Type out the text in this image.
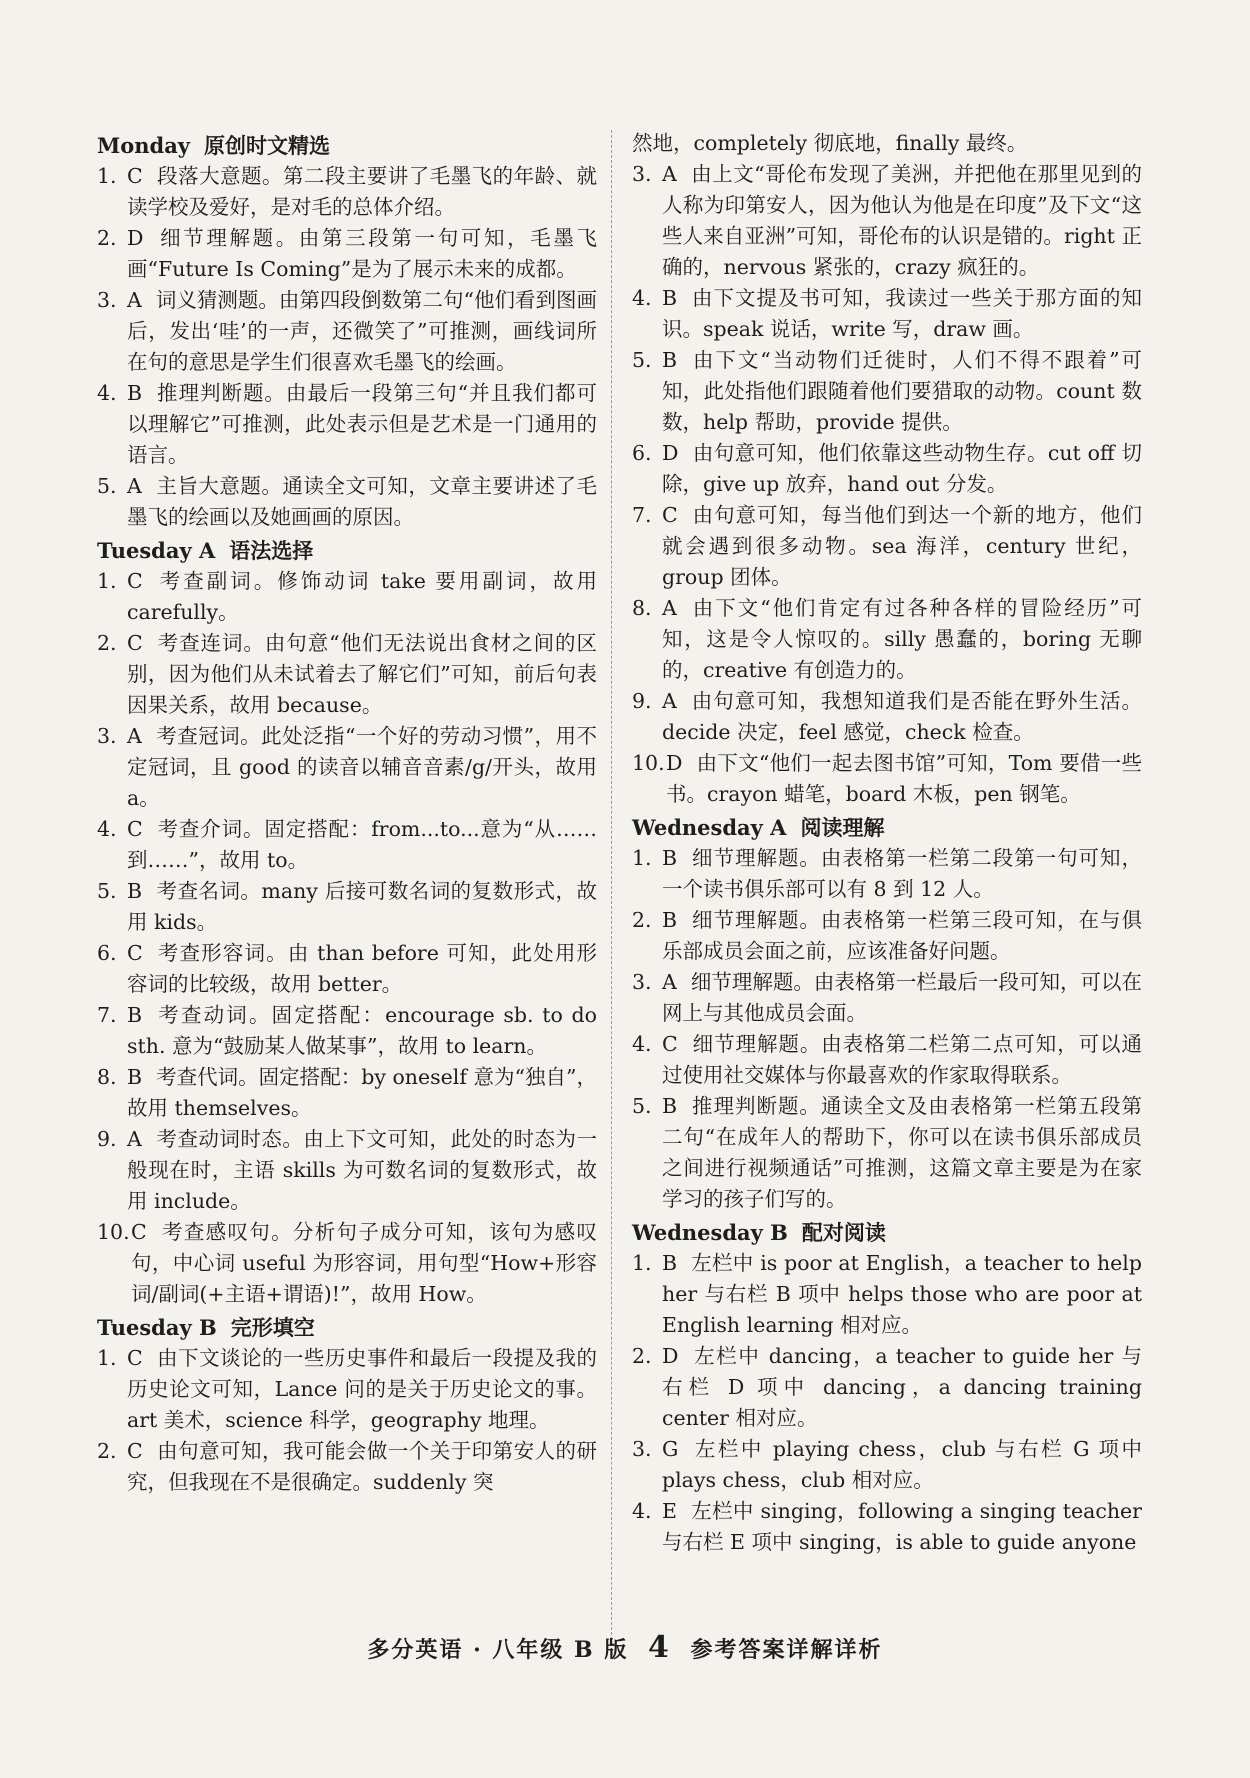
Monday 原创时文精选

1. C 段落大意题。第二段主要讲了毛墨飞的年龄、就读学校及爱好，是对毛的总体介绍。

2. D 细节理解题。由第三段第一句可知，毛墨飞画“Future Is Coming”是为了展示未来的成都。

3. A 词义猜测题。由第四段倒数第二句“他们看到图画后，发出‘哇’的一声，还微笑了”可推测，画线词所在句的意思是学生们很喜欢毛墨飞的绘画。

4. B 推理判断题。由最后一段第三句“并且我们都可以理解它”可推测，此处表示但是艺术是一门通用的语言。

5. A 主旨大意题。通读全文可知，文章主要讲述了毛墨飞的绘画以及她画画的原因。

Tuesday A 语法选择

1. C 考查副词。修饰动词 take 要用副词，故用 carefully。

2. C 考查连词。由句意“他们无法说出食材之间的区别，因为他们从未试着去了解它们”可知，前后句表因果关系，故用 because。

3. A 考查冠词。此处泛指“一个好的劳动习惯”，用不定冠词，且 good 的读音以辅音音素/g/开头，故用 a。

4. C 考查介词。固定搭配：from...to...意为“从……到……”，故用 to。

5. B 考查名词。many 后接可数名词的复数形式，故用 kids。

6. C 考查形容词。由 than before 可知，此处用形容词的比较级，故用 better。

7. B 考查动词。固定搭配：encourage sb. to do sth. 意为“鼓励某人做某事”，故用 to learn。

8. B 考查代词。固定搭配：by oneself 意为“独自”，故用 themselves。

9. A 考查动词时态。由上下文可知，此处的时态为一般现在时，主语 skills 为可数名词的复数形式，故用 include。

10. C 考查感叹句。分析句子成分可知，该句为感叹句，中心词 useful 为形容词，用句型“How+形容词/副词(+主语+谓语)!”，故用 How。

Tuesday B 完形填空

1. C 由下文谈论的一些历史事件和最后一段提及我的历史论文可知，Lance 问的是关于历史论文的事。art 美术，science 科学，geography 地理。

2. C 由句意可知，我可能会做一个关于印第安人的研究，但我现在不是很确定。suddenly 突

然地，completely 彻底地，finally 最终。

3. A 由上文“哥伦布发现了美洲，并把他在那里见到的人称为印第安人，因为他认为他是在印度”及下文“这些人来自亚洲”可知，哥伦布的认识是错的。right 正确的，nervous 紧张的，crazy 疯狂的。

4. B 由下文提及书可知，我读过一些关于那方面的知识。speak 说话，write 写，draw 画。

5. B 由下文“当动物们迁徙时，人们不得不跟着”可知，此处指他们跟随着他们要猎取的动物。count 数数，help 帮助，provide 提供。

6. D 由句意可知，他们依靠这些动物生存。cut off 切除，give up 放弃，hand out 分发。

7. C 由句意可知，每当他们到达一个新的地方，他们就会遇到很多动物。sea 海洋，century 世纪，group 团体。

8. A 由下文“他们肯定有过各种各样的冒险经历”可知，这是令人惊叹的。silly 愚蠢的，boring 无聊的，creative 有创造力的。

9. A 由句意可知，我想知道我们是否能在野外生活。decide 决定，feel 感觉，check 检查。

10. D 由下文“他们一起去图书馆”可知，Tom 要借一些书。crayon 蜡笔，board 木板，pen 钢笔。

Wednesday A 阅读理解

1. B 细节理解题。由表格第一栏第二段第一句可知，一个读书俱乐部可以有 8 到 12 人。

2. B 细节理解题。由表格第一栏第三段可知，在与俱乐部成员会面之前，应该准备好问题。

3. A 细节理解题。由表格第一栏最后一段可知，可以在网上与其他成员会面。

4. C 细节理解题。由表格第二栏第二点可知，可以通过使用社交媒体与你最喜欢的作家取得联系。

5. B 推理判断题。通读全文及由表格第一栏第五段第二句“在成年人的帮助下，你可以在读书俱乐部成员之间进行视频通话”可推测，这篇文章主要是为在家学习的孩子们写的。

Wednesday B 配对阅读

1. B 左栏中 is poor at English，a teacher to help her 与右栏 B 项中 helps those who are poor at English learning 相对应。

2. D 左栏中 dancing，a teacher to guide her 与右栏 D 项中 dancing，a dancing training center 相对应。

3. G 左栏中 playing chess，club 与右栏 G 项中 plays chess，club 相对应。

4. E 左栏中 singing，following a singing teacher 与右栏 E 项中 singing，is able to guide anyone

多分英语 · 八年级 B 版 4 参考答案详解详析
